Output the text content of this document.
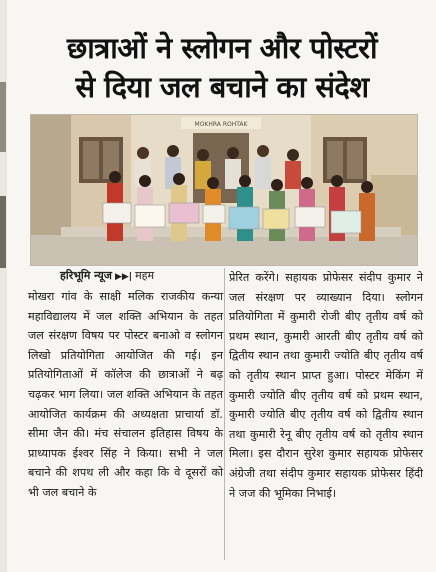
छात्राओं ने स्लोगन और पोस्टरों
से दिया जल बचाने का संदेश
MOKHRA ROHTAK
हरिभूमि न्यूज ▶▶| महम

मोखरा गांव के साक्षी मलिक राजकीय कन्या महाविद्यालय में जल शक्ति अभियान के तहत जल संरक्षण विषय पर पोस्टर बनाओ व स्लोगन लिखो प्रतियोगिता आयोजित की गई। इन प्रतियोगिताओं में कॉलेज की छात्राओं ने बढ़ चढ़कर भाग लिया। जल शक्ति अभियान के तहत आयोजित कार्यक्रम की अध्यक्षता प्राचार्या डॉ. सीमा जैन की। मंच संचालन इतिहास विषय के प्राध्यापक ईश्वर सिंह ने किया। सभी ने जल बचाने की शपथ ली और कहा कि वे दूसरों को भी जल बचाने के

प्रेरित करेंगे। सहायक प्रोफेसर संदीप कुमार ने जल संरक्षण पर व्याख्यान दिया। स्लोगन प्रतियोगिता में कुमारी रोजी बीए तृतीय वर्ष को प्रथम स्थान, कुमारी आरती बीए तृतीय वर्ष को द्वितीय स्थान तथा कुमारी ज्योति बीए तृतीय वर्ष को तृतीय स्थान प्राप्त हुआ। पोस्टर मेकिंग में कुमारी ज्योति बीए तृतीय वर्ष को प्रथम स्थान, कुमारी ज्योति बीए तृतीय वर्ष को द्वितीय स्थान तथा कुमारी रेनू बीए तृतीय वर्ष को तृतीय स्थान मिला। इस दौरान सुरेश कुमार सहायक प्रोफेसर अंग्रेजी तथा संदीप कुमार सहायक प्रोफेसर हिंदी ने जज की भूमिका निभाई।
